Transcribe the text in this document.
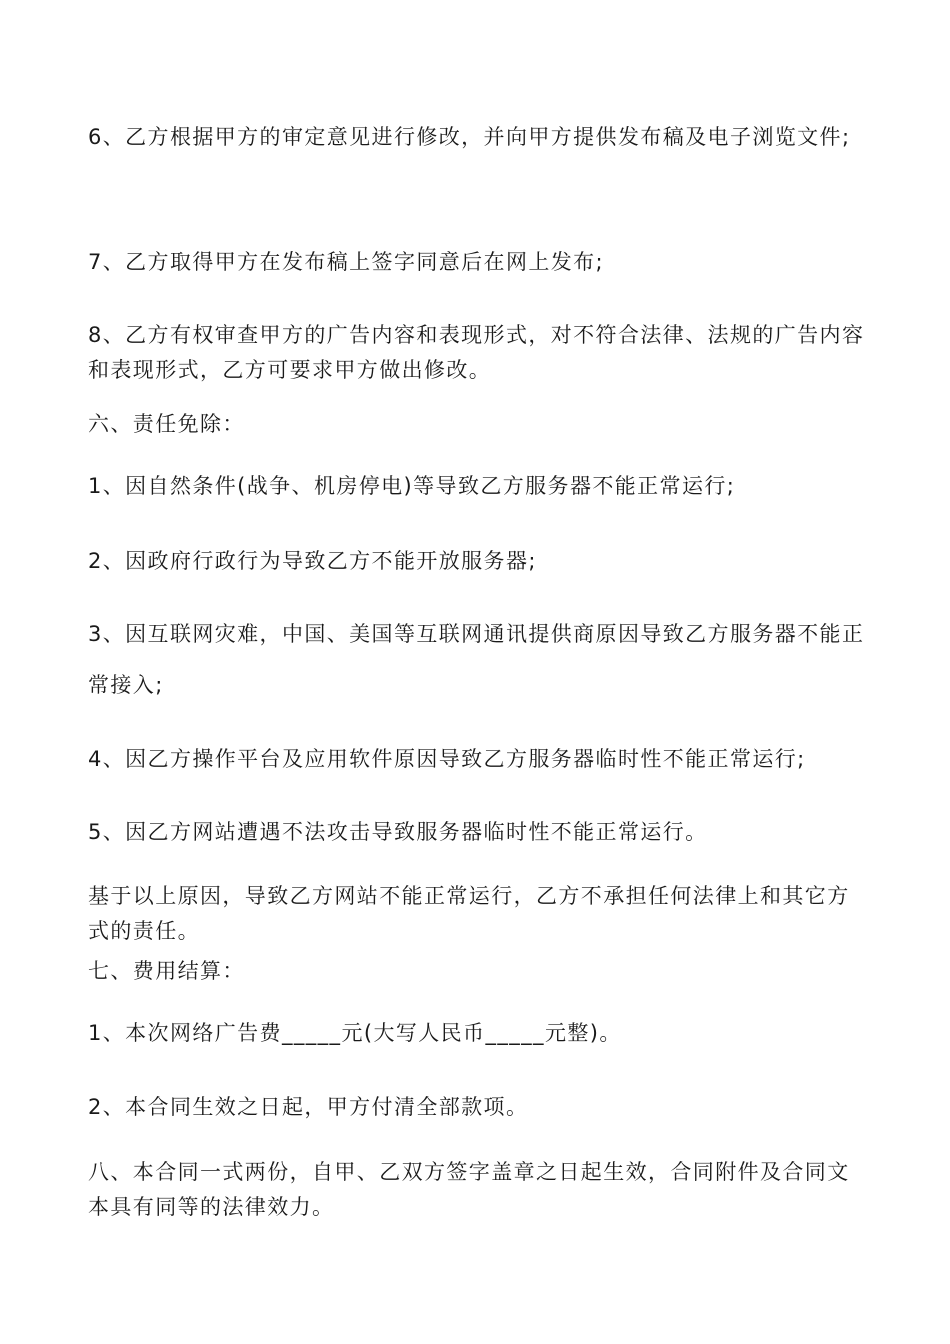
6、乙方根据甲方的审定意见进行修改，并向甲方提供发布稿及电子浏览文件;

7、乙方取得甲方在发布稿上签字同意后在网上发布;

8、乙方有权审查甲方的广告内容和表现形式，对不符合法律、法规的广告内容和表现形式，乙方可要求甲方做出修改。

六、责任免除：

1、因自然条件(战争、机房停电)等导致乙方服务器不能正常运行;

2、因政府行政行为导致乙方不能开放服务器;

3、因互联网灾难，中国、美国等互联网通讯提供商原因导致乙方服务器不能正常接入;

4、因乙方操作平台及应用软件原因导致乙方服务器临时性不能正常运行;

5、因乙方网站遭遇不法攻击导致服务器临时性不能正常运行。

基于以上原因，导致乙方网站不能正常运行，乙方不承担任何法律上和其它方式的责任。

七、费用结算：

1、本次网络广告费_____元(大写人民币_____元整)。

2、本合同生效之日起，甲方付清全部款项。

八、本合同一式两份，自甲、乙双方签字盖章之日起生效，合同附件及合同文本具有同等的法律效力。
